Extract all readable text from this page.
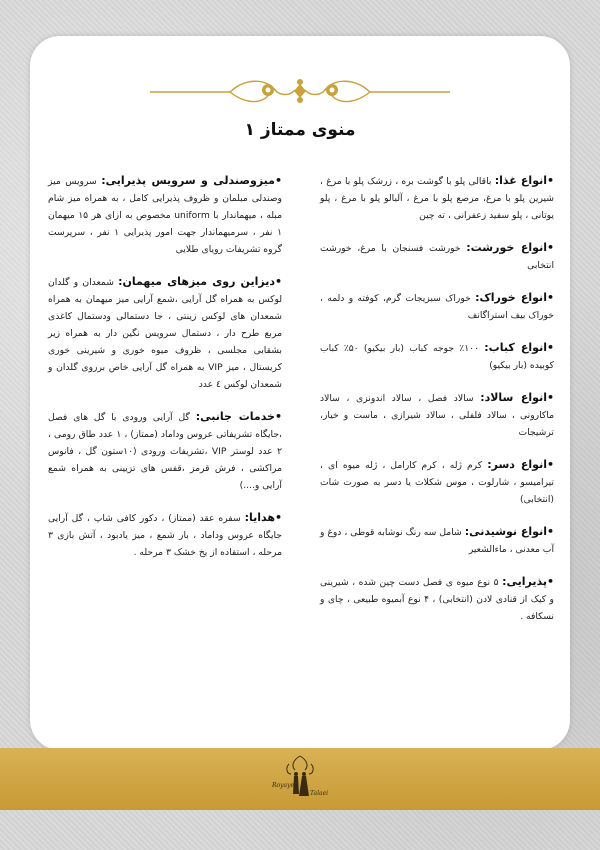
منوی ممتاز ۱
•انواع غذا: باقالی پلو با گوشت بره ، زرشک پلو با مرغ ، شیرین پلو با مرغ، مرصع پلو با مرغ ، آلبالو پلو با مرغ ، پلو یوتانی ، پلو سفید زعفرانی ، ته چین
•انواع خورشت: خورشت فسنجان با مرغ، خورشت انتخابی
•انواع خوراک: خوراک سبزیجات گرم، کوفته و دلمه ، خوراک بیف استراگانف
•انواع کباب: ۱۰۰٪ جوجه کباب (بار بیکیو) ۵۰٪ کباب کوبیده (بار بیکیو)
•انواع سالاد: سالاد فصل ، سالاد اندونزی ، سالاد ماکارونی ، سالاد فلفلی ، سالاد شیرازی ، ماست و خیار، ترشیجات
•انواع دسر: کرم ژله ، کرم کارامل ، ژله میوه ای ، تیرامیسو ، شارلوت ، موس شکلات یا دسر به صورت شات (انتخابی)
•انواع نوشیدنی: شامل سه رنگ نوشابه قوطی ، دوغ و آب معدنی ، ماءالشعیر
•پذیرایی: ۵ نوع میوه ی فصل دست چین شده ، شیرینی و کیک از قنادی لادن (انتخابی) ، ۴ نوع آبمیوه طبیعی ، چای و نسکافه .
•میزوصندلی و سرویس پذیرایی: سرویس میز وصندلی مبلمان و ظروف پذیرایی کامل ، به همراه میز شام مبله ، میهماندار با uniform مخصوص به ازای هر ۱۵ میهمان ۱ نفر ، سرمیهماندار جهت امور پذیرایی ۱ نفر ، سرپرست گروه تشریفات رویای طلایی
•دیزاین روی میزهای میهمان: شمعدان و گلدان لوکس به همراه گل آرایی ،شمع آرایی میز میهمان به همراه شمعدان های لوکس زینتی ، جا دستمالی ودستمال کاغذی مربع طرح دار ، دستمال سرویس نگین دار به همراه زیر بشقابی مجلسی ، ظروف میوه خوری و شیرینی خوری کریستال ، میز VIP به همراه گل آرایی خاص برروی گلدان و شمعدان لوکس ٤ عدد
•خدمات جانبی: گل آرایی ورودی با گل های فصل ،جایگاه تشریفاتی عروس وداماد (ممتاز) ، ۱ عدد طاق رومی ، ۲ عدد لوستر VIP ،تشریفات ورودی (۱۰ستون گل ، فانوس مراکشی ، فرش قرمز ،قفس های تزیینی به همراه شمع آرایی و....)
•هدایا: سفره عقد (ممتاز) ، دکور کافی شاپ ، گل آرایی جایگاه عروس وداماد ، بار شمع ، میز یادبود ، آتش بازی ۳ مرحله ، استفاده از یخ خشک ۳ مرحله .
Royaye
Talaei
